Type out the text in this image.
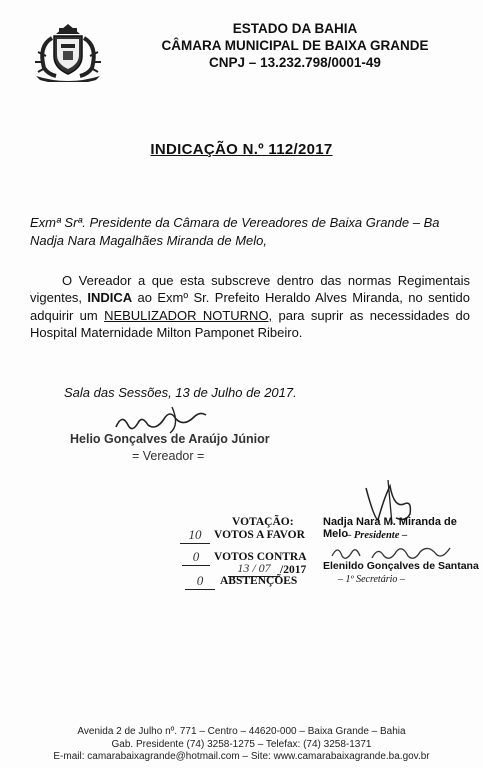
ESTADO DA BAHIA
CÂMARA MUNICIPAL DE BAIXA GRANDE
CNPJ – 13.232.798/0001-49
INDICAÇÃO N.º 112/2017
Exmª Srª. Presidente da Câmara de Vereadores de Baixa Grande – Ba
Nadja Nara Magalhães Miranda de Melo,

O Vereador a que esta subscreve dentro das normas Regimentais vigentes, INDICA ao Exmº Sr. Prefeito Heraldo Alves Miranda, no sentido adquirir um NEBULIZADOR NOTURNO, para suprir as necessidades do Hospital Maternidade Milton Pamponet Ribeiro.

Sala das Sessões, 13 de Julho de 2017.
Helio Gonçalves de Araújo Júnior
= Vereador =
VOTAÇÃO:
10	VOTOS A FAVOR
0	VOTOS CONTRA
13 / 07 /2017
0	ABSTENÇÕES
Nadja Nara M. Miranda de Melo
– Presidente –
Elenildo Gonçalves de Santana
– 1º Secretário –
Avenida 2 de Julho nº. 771 – Centro – 44620-000 – Baixa Grande – Bahia
Gab. Presidente (74) 3258-1275 – Telefax: (74) 3258-1371
E-mail: camarabaixagrande@hotmail.com – Site: www.camarabaixagrande.ba.gov.br
